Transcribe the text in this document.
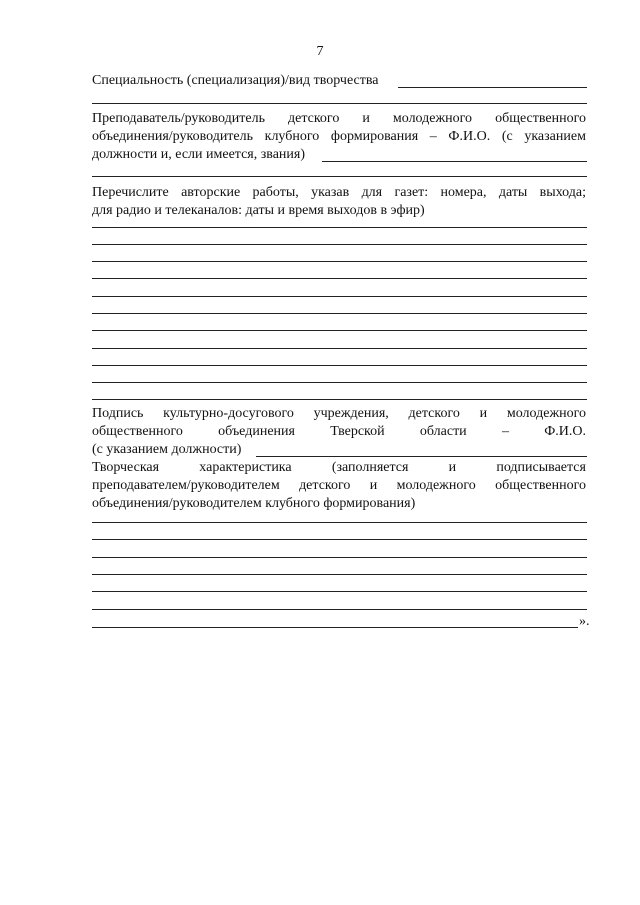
7
Специальность (специализация)/вид творчества
Преподаватель/руководитель детского и молодежного общественного
объединения/руководитель клубного формирования – Ф.И.О. (с указанием
должности и, если имеется, звания)
Перечислите авторские работы, указав для газет: номера, даты выхода;
для радио и телеканалов: даты и время выходов в эфир)
Подпись культурно-досугового учреждения, детского и молодежного
общественного	объединения	Тверской	области	–	Ф.И.О.
(с указанием должности)
Творческая	характеристика	(заполняется	и	подписывается
преподавателем/руководителем детского и молодежного общественного
объединения/руководителем клубного формирования)
».
